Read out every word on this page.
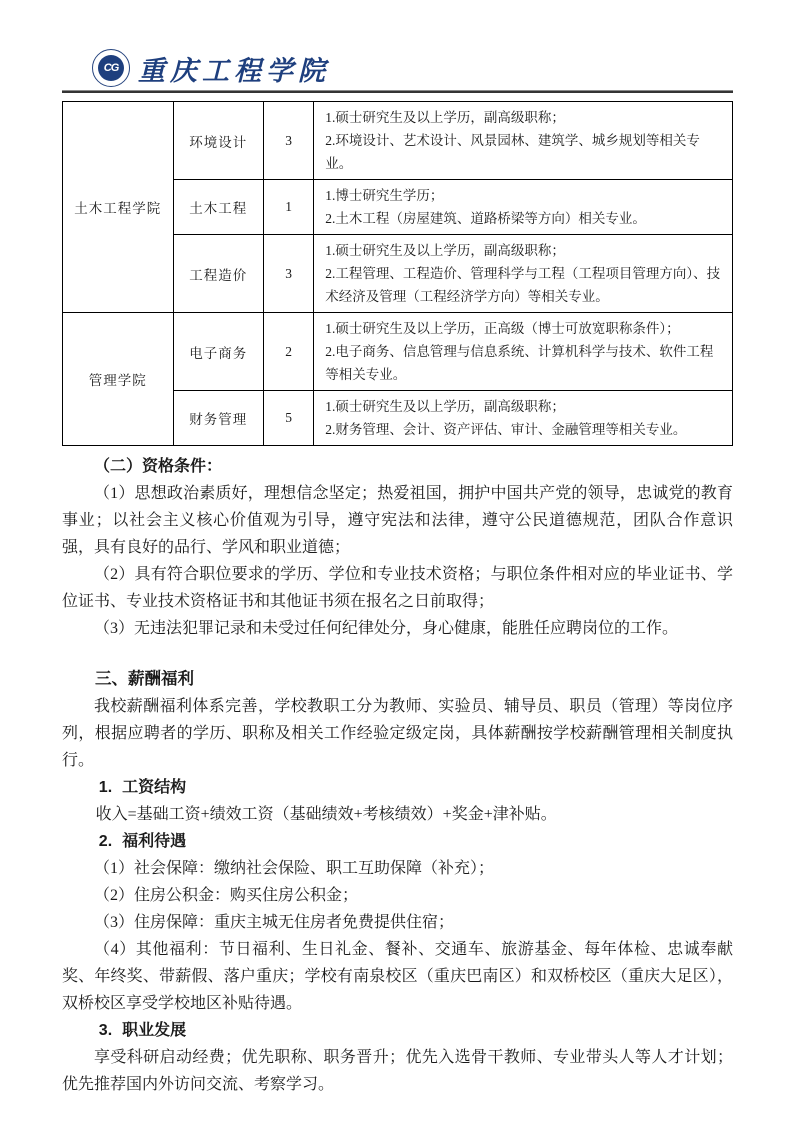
CG 重庆工程学院
土木工程学院	环境设计	3	1.硕士研究生及以上学历，副高级职称；
2.环境设计、艺术设计、风景园林、建筑学、城乡规划等相关专业。

	土木工程	1	1.博士研究生学历；
2.土木工程（房屋建筑、道路桥梁等方向）相关专业。

	工程造价	3	1.硕士研究生及以上学历，副高级职称；
2.工程管理、工程造价、管理科学与工程（工程项目管理方向）、技术经济及管理（工程经济学方向）等相关专业。

管理学院	电子商务	2	1.硕士研究生及以上学历，正高级（博士可放宽职称条件）；
2.电子商务、信息管理与信息系统、计算机科学与技术、软件工程等相关专业。

	财务管理	5	1.硕士研究生及以上学历，副高级职称；
2.财务管理、会计、资产评估、审计、金融管理等相关专业。
（二）资格条件：
（1）思想政治素质好，理想信念坚定；热爱祖国，拥护中国共产党的领导，忠诚党的教育事业；以社会主义核心价值观为引导，遵守宪法和法律，遵守公民道德规范，团队合作意识强，具有良好的品行、学风和职业道德；
（2）具有符合职位要求的学历、学位和专业技术资格；与职位条件相对应的毕业证书、学位证书、专业技术资格证书和其他证书须在报名之日前取得；
（3）无违法犯罪记录和未受过任何纪律处分，身心健康，能胜任应聘岗位的工作。
三、薪酬福利
我校薪酬福利体系完善，学校教职工分为教师、实验员、辅导员、职员（管理）等岗位序列，根据应聘者的学历、职称及相关工作经验定级定岗，具体薪酬按学校薪酬管理相关制度执行。
1. 工资结构
收入=基础工资+绩效工资（基础绩效+考核绩效）+奖金+津补贴。
2. 福利待遇
（1）社会保障：缴纳社会保险、职工互助保障（补充）；
（2）住房公积金：购买住房公积金；
（3）住房保障：重庆主城无住房者免费提供住宿；
（4）其他福利：节日福利、生日礼金、餐补、交通车、旅游基金、每年体检、忠诚奉献奖、年终奖、带薪假、落户重庆；学校有南泉校区（重庆巴南区）和双桥校区（重庆大足区），双桥校区享受学校地区补贴待遇。
3. 职业发展
享受科研启动经费；优先职称、职务晋升；优先入选骨干教师、专业带头人等人才计划；优先推荐国内外访问交流、考察学习。
